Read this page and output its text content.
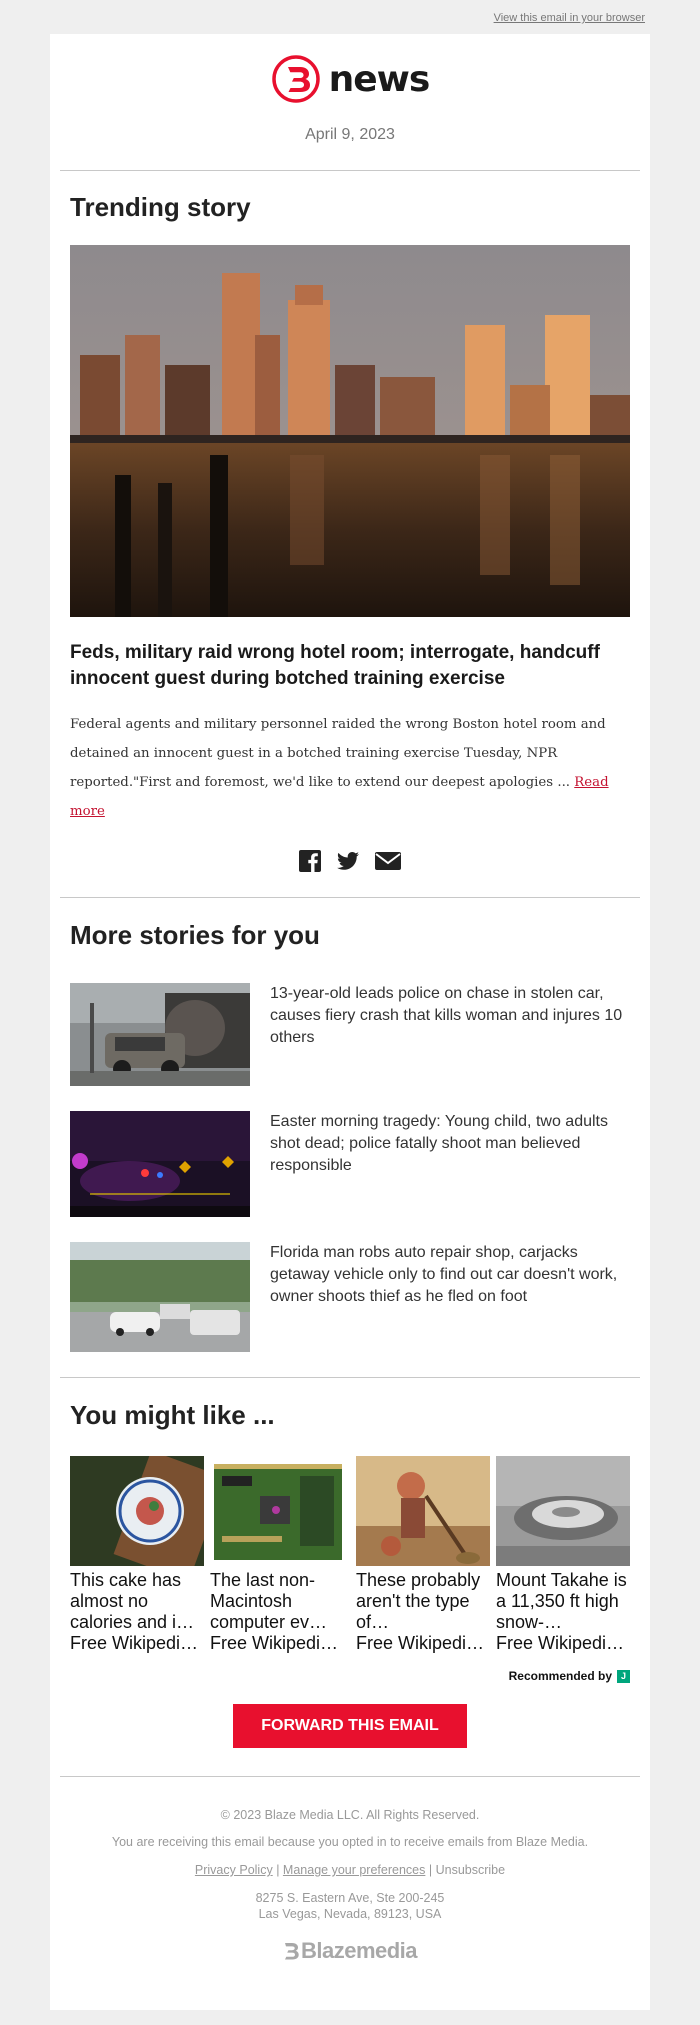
View this email in your browser
news
April 9, 2023
Trending story
Feds, military raid wrong hotel room; interrogate, handcuff innocent guest during botched training exercise

Federal agents and military personnel raided the wrong Boston hotel room and detained an innocent guest in a botched training exercise Tuesday, NPR reported."First and foremost, we'd like to extend our deepest apologies ... Read more

More stories for you
13-year-old leads police on chase in stolen car, causes fiery crash that kills woman and injures 10 others
Easter morning tragedy: Young child, two adults shot dead; police fatally shoot man believed responsible
Florida man robs auto repair shop, carjacks getaway vehicle only to find out car doesn't work, owner shoots thief as he fled on foot
You might like ...
This cake has almost no calories and i…
Free Wikipedi…
The last non-Macintosh computer ev…
Free Wikipedi…
These probably aren't the type of…
Free Wikipedi…
Mount Takahe is a 11,350 ft high snow-…
Free Wikipedi…
Recommended by J
FORWARD THIS EMAIL
© 2023 Blaze Media LLC. All Rights Reserved.
You are receiving this email because you opted in to receive emails from Blaze Media.
Privacy Policy | Manage your preferences | Unsubscribe
8275 S. Eastern Ave, Ste 200-245
Las Vegas, Nevada, 89123, USA
Blazemedia
